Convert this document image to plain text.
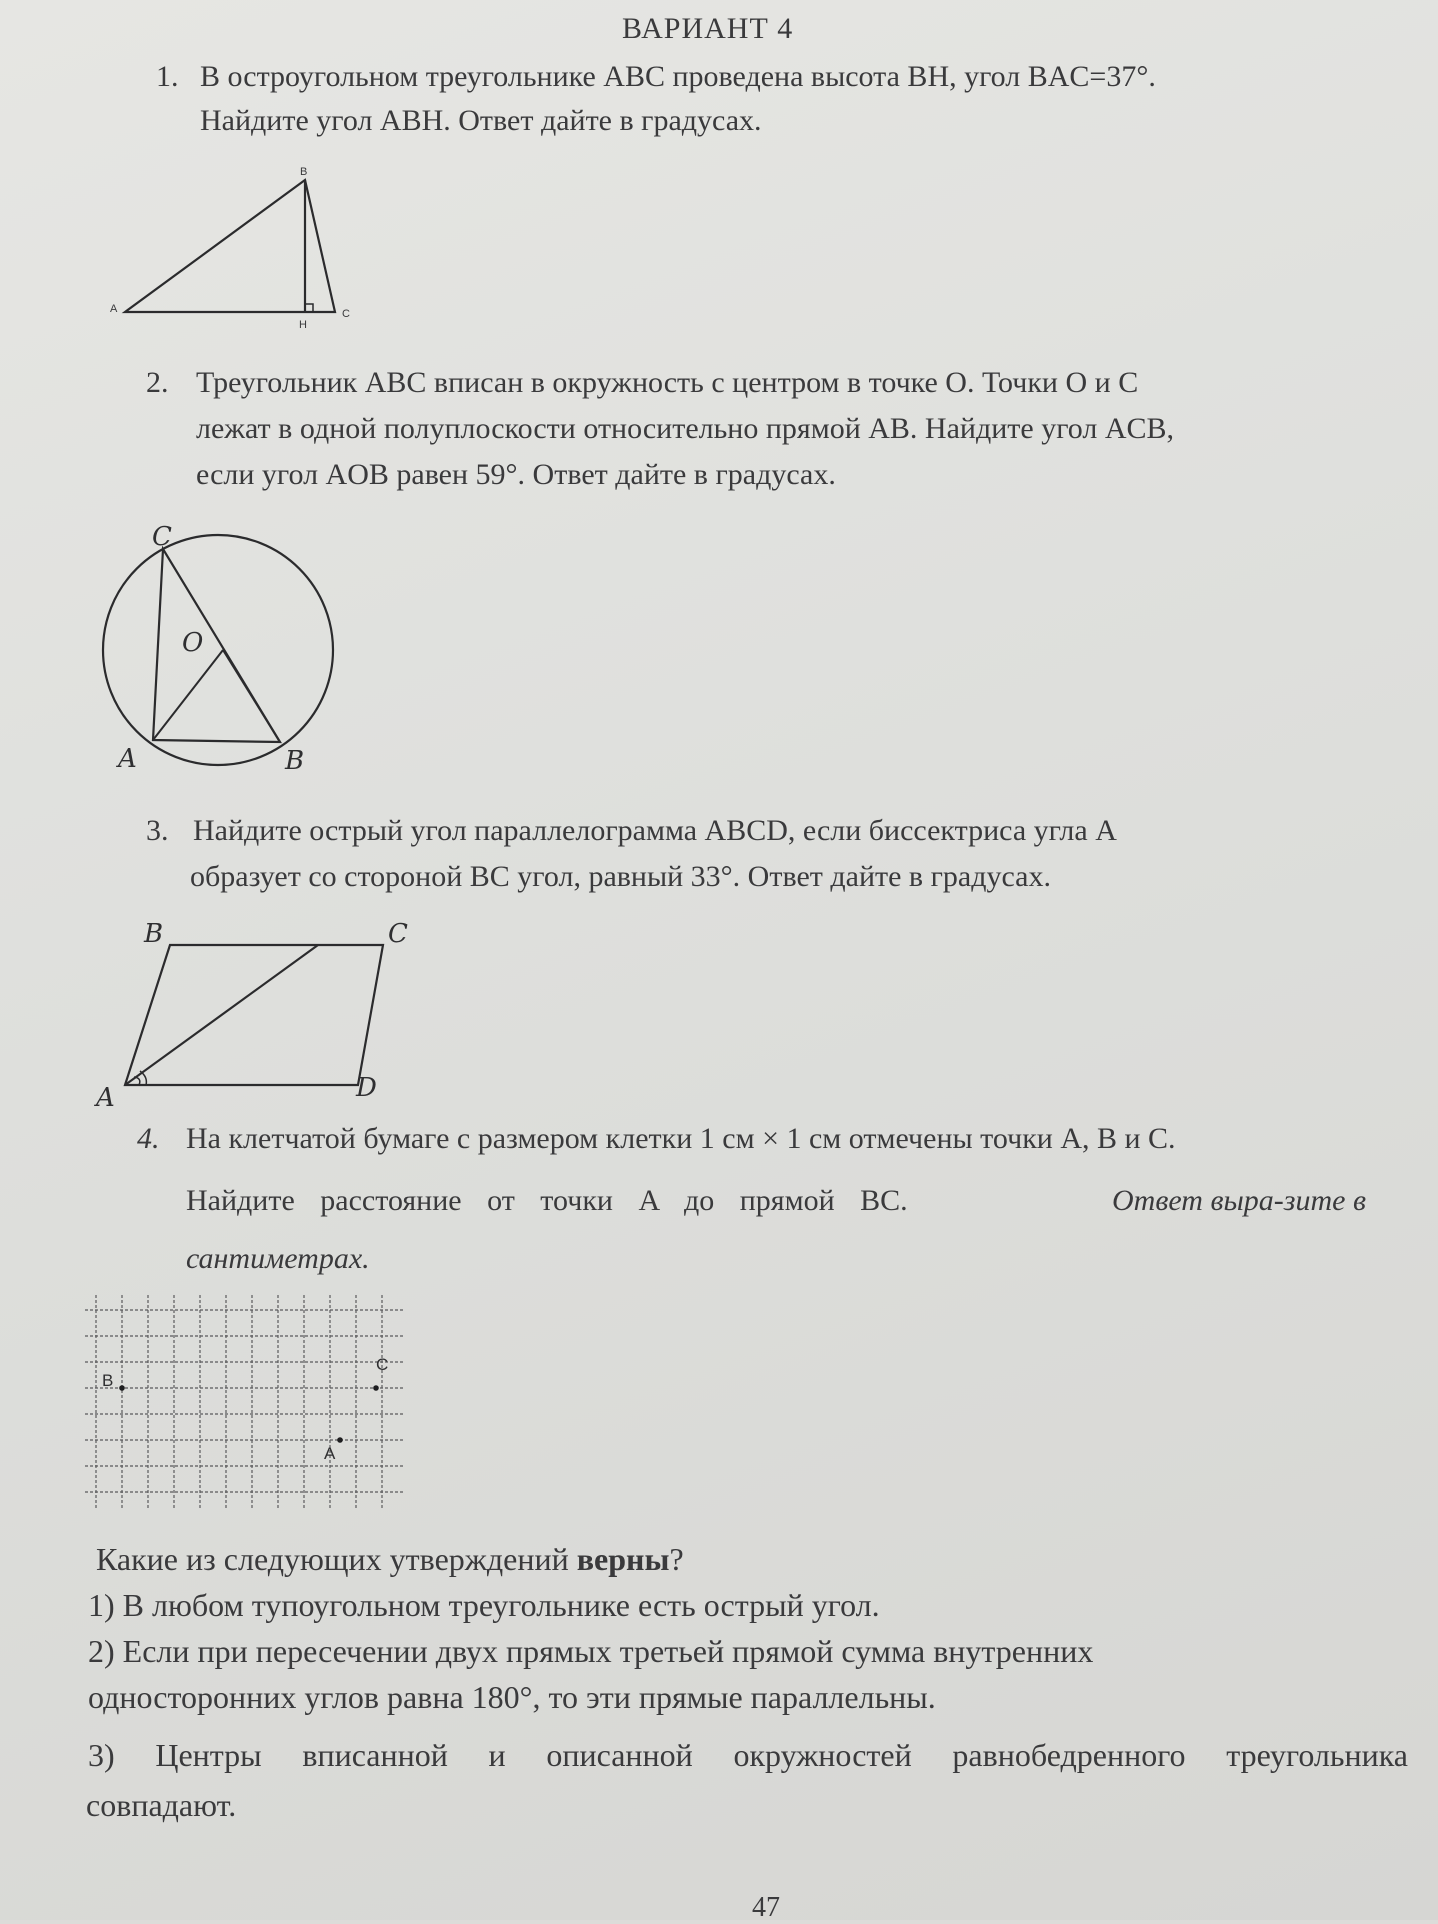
ВАРИАНТ 4
1. В остроугольном треугольнике ABC проведена высота BH, угол BAC=37°.
Найдите угол ABH. Ответ дайте в градусах.
A
B
C
H
2. Треугольник ABC вписан в окружность с центром в точке O. Точки O и C
лежат в одной полуплоскости относительно прямой AB. Найдите угол ACB,
если угол AOB равен 59°. Ответ дайте в градусах.
C
O
A	B
3. Найдите острый угол параллелограмма ABCD, если биссектриса угла A
образует со стороной BC угол, равный 33°. Ответ дайте в градусах.
B	C
A	D
4. На клетчатой бумаге с размером клетки 1 см × 1 см отмечены точки A, B и C.
Найдите расстояние от точки A до прямой BC.	Ответ выра-зите в
сантиметрах.
B
C
A
Какие из следующих утверждений верны?
1) В любом тупоугольном треугольнике есть острый угол.
2) Если при пересечении двух прямых третьей прямой сумма внутренних
односторонних углов равна 180°, то эти прямые параллельны.
3) Центры вписанной и описанной окружностей равнобедренного треугольника
совпадают.
47
